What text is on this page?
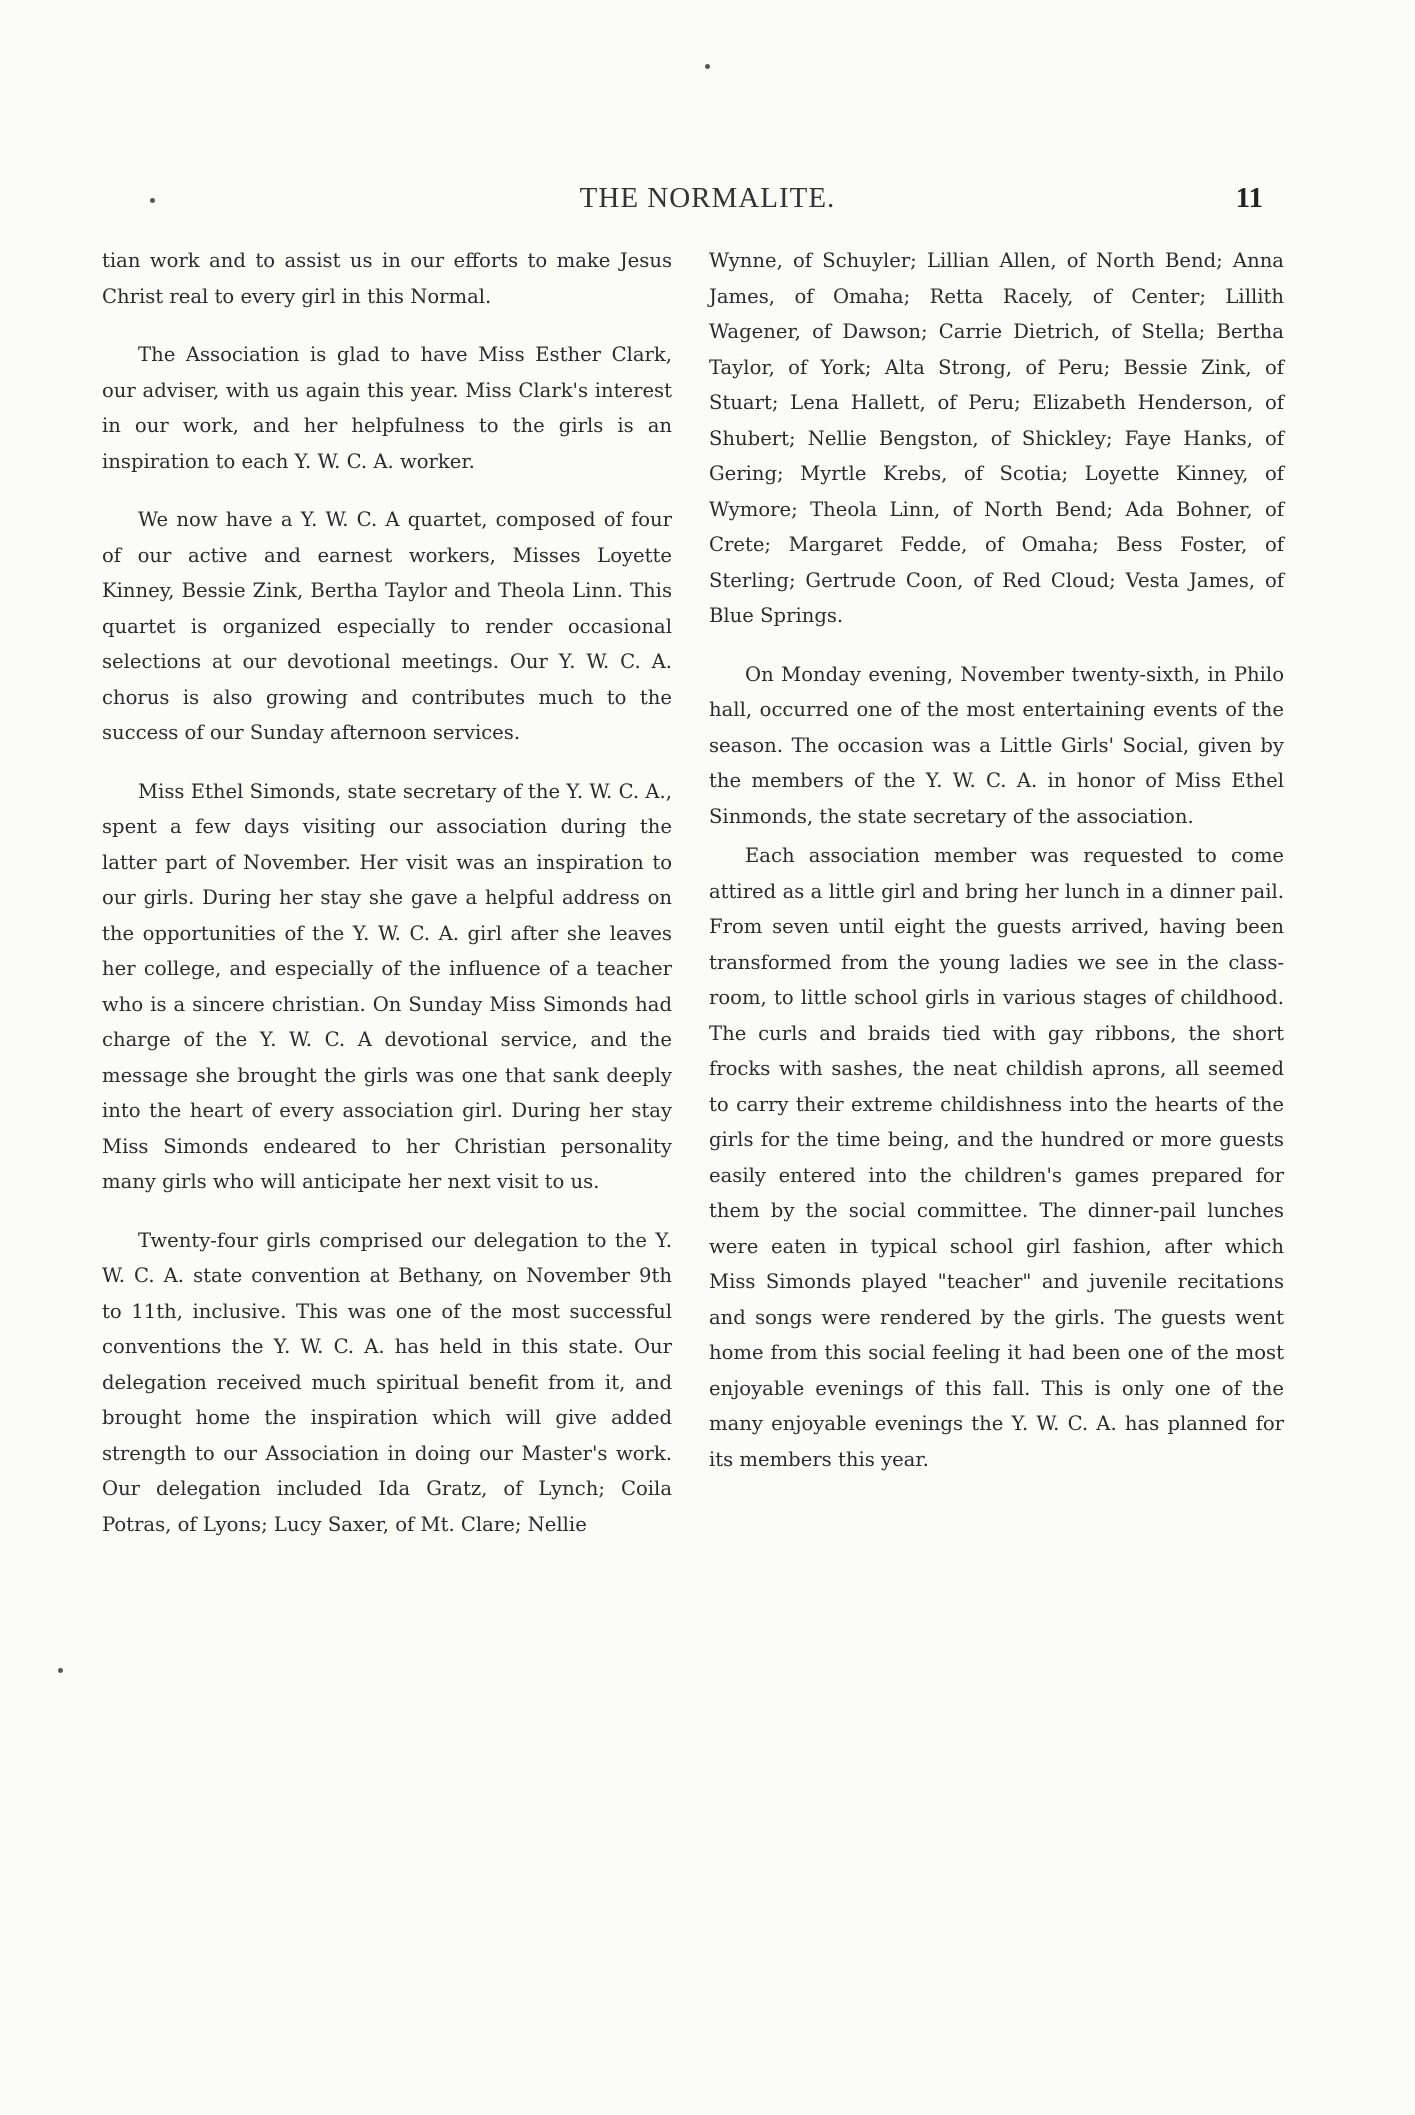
THE NORMALITE.	11

tian work and to assist us in our efforts to make Jesus Christ real to every girl in this Normal.

The Association is glad to have Miss Esther Clark, our adviser, with us again this year. Miss Clark's interest in our work, and her helpfulness to the girls is an inspiration to each Y. W. C. A. worker.

We now have a Y. W. C. A quartet, composed of four of our active and earnest workers, Misses Loyette Kinney, Bessie Zink, Bertha Taylor and Theola Linn. This quartet is organized especially to render occasional selections at our devotional meetings. Our Y. W. C. A. chorus is also growing and contributes much to the success of our Sunday afternoon services.

Miss Ethel Simonds, state secretary of the Y. W. C. A., spent a few days visiting our association during the latter part of November. Her visit was an inspiration to our girls. During her stay she gave a helpful address on the opportunities of the Y. W. C. A. girl after she leaves her college, and especially of the influence of a teacher who is a sincere christian. On Sunday Miss Simonds had charge of the Y. W. C. A devotional service, and the message she brought the girls was one that sank deeply into the heart of every association girl. During her stay Miss Simonds endeared to her Christian personality many girls who will anticipate her next visit to us.

Twenty-four girls comprised our delegation to the Y. W. C. A. state convention at Bethany, on November 9th to 11th, inclusive. This was one of the most successful conventions the Y. W. C. A. has held in this state. Our delegation received much spiritual benefit from it, and brought home the inspiration which will give added strength to our Association in doing our Master's work. Our delegation included Ida Gratz, of Lynch; Coila Potras, of Lyons; Lucy Saxer, of Mt. Clare; Nellie

Wynne, of Schuyler; Lillian Allen, of North Bend; Anna James, of Omaha; Retta Racely, of Center; Lillith Wagener, of Dawson; Carrie Dietrich, of Stella; Bertha Taylor, of York; Alta Strong, of Peru; Bessie Zink, of Stuart; Lena Hallett, of Peru; Elizabeth Henderson, of Shubert; Nellie Bengston, of Shickley; Faye Hanks, of Gering; Myrtle Krebs, of Scotia; Loyette Kinney, of Wymore; Theola Linn, of North Bend; Ada Bohner, of Crete; Margaret Fedde, of Omaha; Bess Foster, of Sterling; Gertrude Coon, of Red Cloud; Vesta James, of Blue Springs.

On Monday evening, November twenty-sixth, in Philo hall, occurred one of the most entertaining events of the season. The occasion was a Little Girls' Social, given by the members of the Y. W. C. A. in honor of Miss Ethel Sinmonds, the state secretary of the association.

Each association member was requested to come attired as a little girl and bring her lunch in a dinner pail. From seven until eight the guests arrived, having been transformed from the young ladies we see in the class-room, to little school girls in various stages of childhood. The curls and braids tied with gay ribbons, the short frocks with sashes, the neat childish aprons, all seemed to carry their extreme childishness into the hearts of the girls for the time being, and the hundred or more guests easily entered into the children's games prepared for them by the social committee. The dinner-pail lunches were eaten in typical school girl fashion, after which Miss Simonds played "teacher" and juvenile recitations and songs were rendered by the girls. The guests went home from this social feeling it had been one of the most enjoyable evenings of this fall. This is only one of the many enjoyable evenings the Y. W. C. A. has planned for its members this year.
